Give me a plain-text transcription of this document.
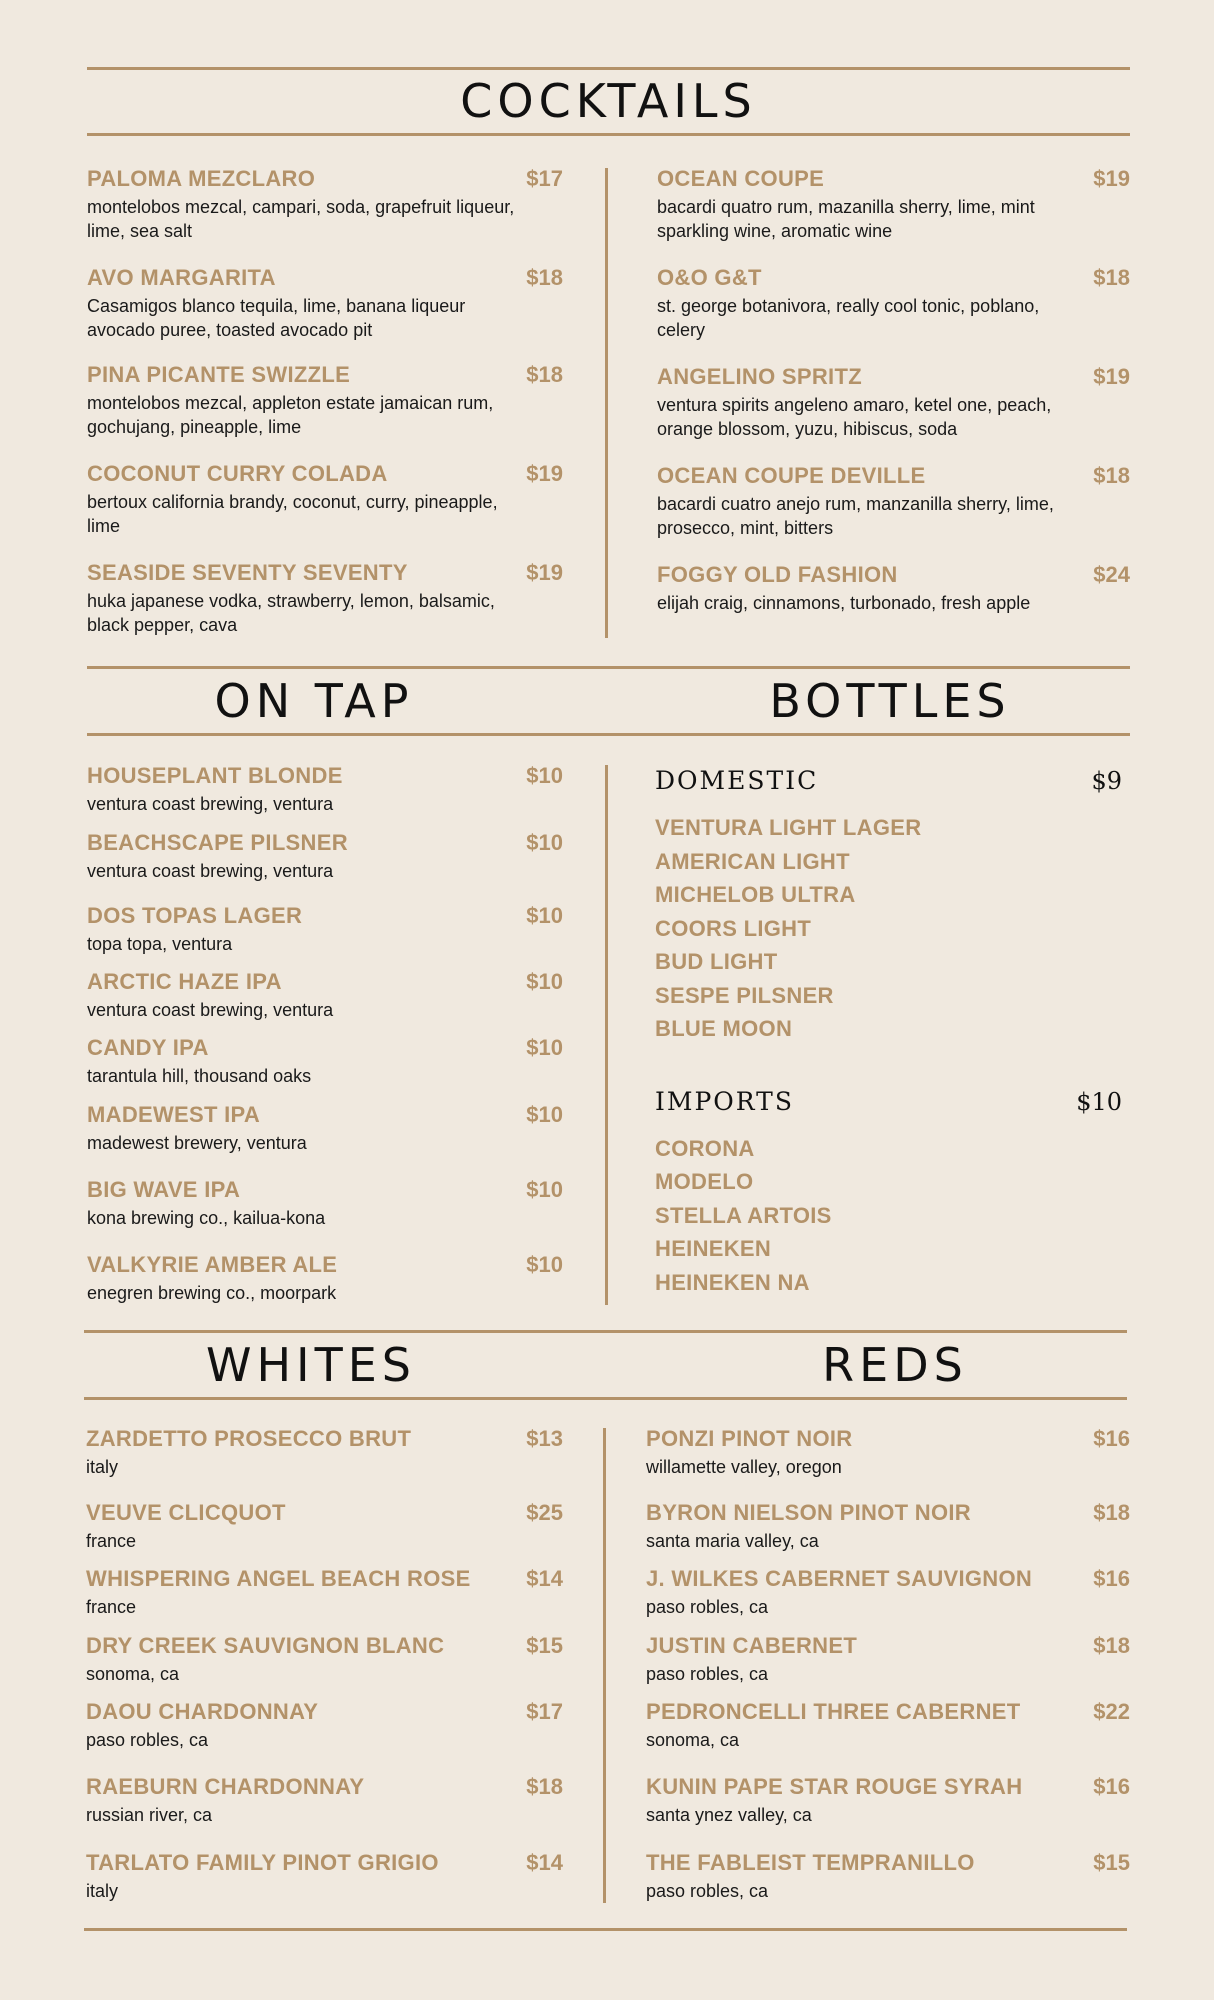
COCKTAILS
PALOMA MEZCLARO	$17
montelobos mezcal, campari, soda, grapefruit liqueur, lime, sea salt
AVO MARGARITA	$18
Casamigos blanco tequila, lime, banana liqueur avocado puree, toasted avocado pit
PINA PICANTE SWIZZLE	$18
montelobos mezcal, appleton estate jamaican rum, gochujang, pineapple, lime
COCONUT CURRY COLADA	$19
bertoux california brandy, coconut, curry, pineapple, lime
SEASIDE SEVENTY SEVENTY	$19
huka japanese vodka, strawberry, lemon, balsamic, black pepper, cava
OCEAN COUPE	$19
bacardi quatro rum, mazanilla sherry, lime, mint sparkling wine, aromatic wine
O&O G&T	$18
st. george botanivora, really cool tonic, poblano, celery
ANGELINO SPRITZ	$19
ventura spirits angeleno amaro, ketel one, peach, orange blossom, yuzu, hibiscus, soda
OCEAN COUPE DEVILLE	$18
bacardi cuatro anejo rum, manzanilla sherry, lime, prosecco, mint, bitters
FOGGY OLD FASHION	$24
elijah craig, cinnamons, turbonado, fresh apple
ON TAP	BOTTLES
HOUSEPLANT BLONDE	$10
ventura coast brewing, ventura
BEACHSCAPE PILSNER	$10
ventura coast brewing, ventura
DOS TOPAS LAGER	$10
topa topa, ventura
ARCTIC HAZE IPA	$10
ventura coast brewing, ventura
CANDY IPA	$10
tarantula hill, thousand oaks
MADEWEST IPA	$10
madewest brewery, ventura
BIG WAVE IPA	$10
kona brewing co., kailua-kona
VALKYRIE AMBER ALE	$10
enegren brewing co., moorpark
DOMESTIC	$9
VENTURA LIGHT LAGER
AMERICAN LIGHT
MICHELOB ULTRA
COORS LIGHT
BUD LIGHT
SESPE PILSNER
BLUE MOON
IMPORTS	$10
CORONA
MODELO
STELLA ARTOIS
HEINEKEN
HEINEKEN NA
WHITES	REDS
ZARDETTO PROSECCO BRUT	$13
italy
VEUVE CLICQUOT	$25
france
WHISPERING ANGEL BEACH ROSE	$14
france
DRY CREEK SAUVIGNON BLANC	$15
sonoma, ca
DAOU CHARDONNAY	$17
paso robles, ca
RAEBURN CHARDONNAY	$18
russian river, ca
TARLATO FAMILY PINOT GRIGIO	$14
italy
PONZI PINOT NOIR	$16
willamette valley, oregon
BYRON NIELSON PINOT NOIR	$18
santa maria valley, ca
J. WILKES CABERNET SAUVIGNON	$16
paso robles, ca
JUSTIN CABERNET	$18
paso robles, ca
PEDRONCELLI THREE CABERNET	$22
sonoma, ca
KUNIN PAPE STAR ROUGE SYRAH	$16
santa ynez valley, ca
THE FABLEIST TEMPRANILLO	$15
paso robles, ca
